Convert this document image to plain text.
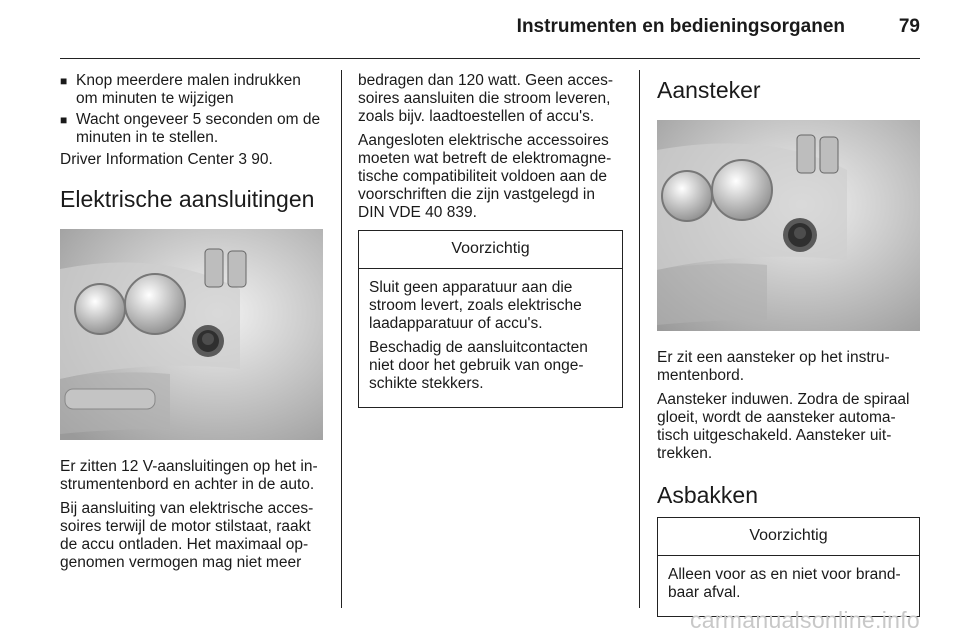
Instrumenten en bedieningsorganen	79
■ Knop meerdere malen indrukken om minuten te wijzigen
■ Wacht ongeveer 5 seconden om de minuten in te stellen.

Driver Information Center 3 90.

Elektrische aansluitingen

Er zitten 12 V-aansluitingen op het instrumentenbord en achter in de auto.

Bij aansluiting van elektrische accessoires terwijl de motor stilstaat, raakt de accu ontladen. Het maximaal opgenomen vermogen mag niet meer

bedragen dan 120 watt. Geen accessoires aansluiten die stroom leveren, zoals bijv. laadtoestellen of accu's.

Aangesloten elektrische accessoires moeten wat betreft de elektromagnetische compatibiliteit voldoen aan de voorschriften die zijn vastgelegd in DIN VDE 40 839.

Voorzichtig

Sluit geen apparatuur aan die stroom levert, zoals elektrische laadapparatuur of accu's.

Beschadig de aansluitcontacten niet door het gebruik van ongeschikte stekkers.

Aansteker

Er zit een aansteker op het instrumentenbord.

Aansteker induwen. Zodra de spiraal gloeit, wordt de aansteker automatisch uitgeschakeld. Aansteker uittrekken.

Asbakken
Voorzichtig

Alleen voor as en niet voor brandbaar afval.

carmanualsonline.info
